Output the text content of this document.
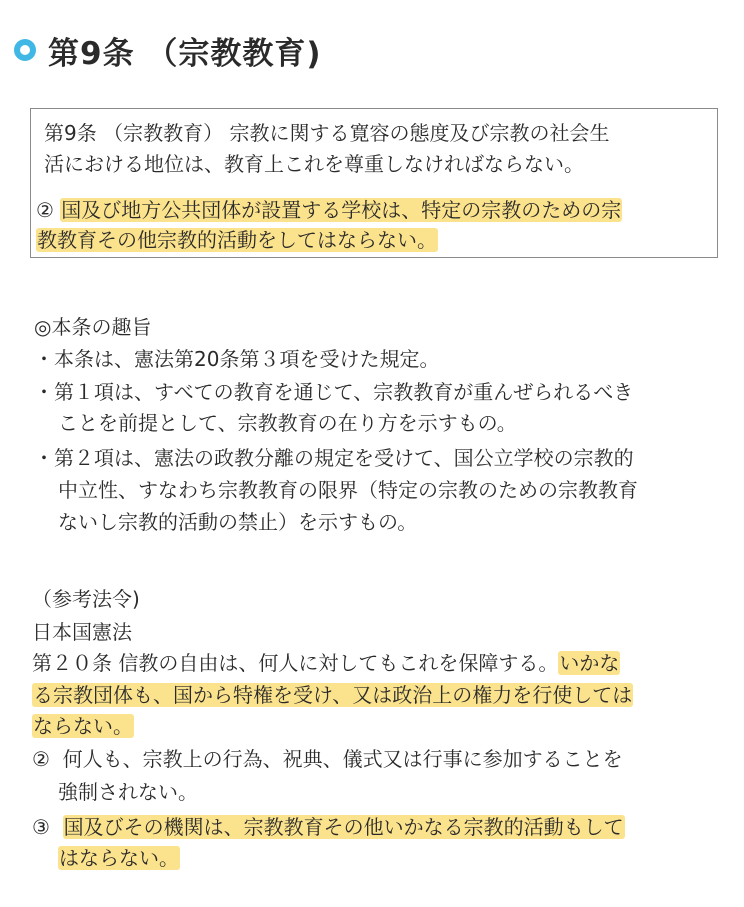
第9条 （宗教教育)
第9条 （宗教教育） 宗教に関する寛容の態度及び宗教の社会生
活における地位は、教育上これを尊重しなければならない。
② 国及び地方公共団体が設置する学校は、特定の宗教のための宗
教教育その他宗教的活動をしてはならない。
◎本条の趣旨
・本条は、憲法第20条第３項を受けた規定。
・第１項は、すべての教育を通じて、宗教教育が重んぜられるべき
ことを前提として、宗教教育の在り方を示すもの。
・第２項は、憲法の政教分離の規定を受けて、国公立学校の宗教的
中立性、すなわち宗教教育の限界（特定の宗教のための宗教教育
ないし宗教的活動の禁止）を示すもの。
（参考法令)
日本国憲法
第２０条 信教の自由は、何人に対してもこれを保障する。いかな
る宗教団体も、国から特権を受け、又は政治上の権力を行使しては
ならない。
② 何人も、宗教上の行為、祝典、儀式又は行事に参加することを
強制されない。
③ 国及びその機関は、宗教教育その他いかなる宗教的活動もして
はならない。
